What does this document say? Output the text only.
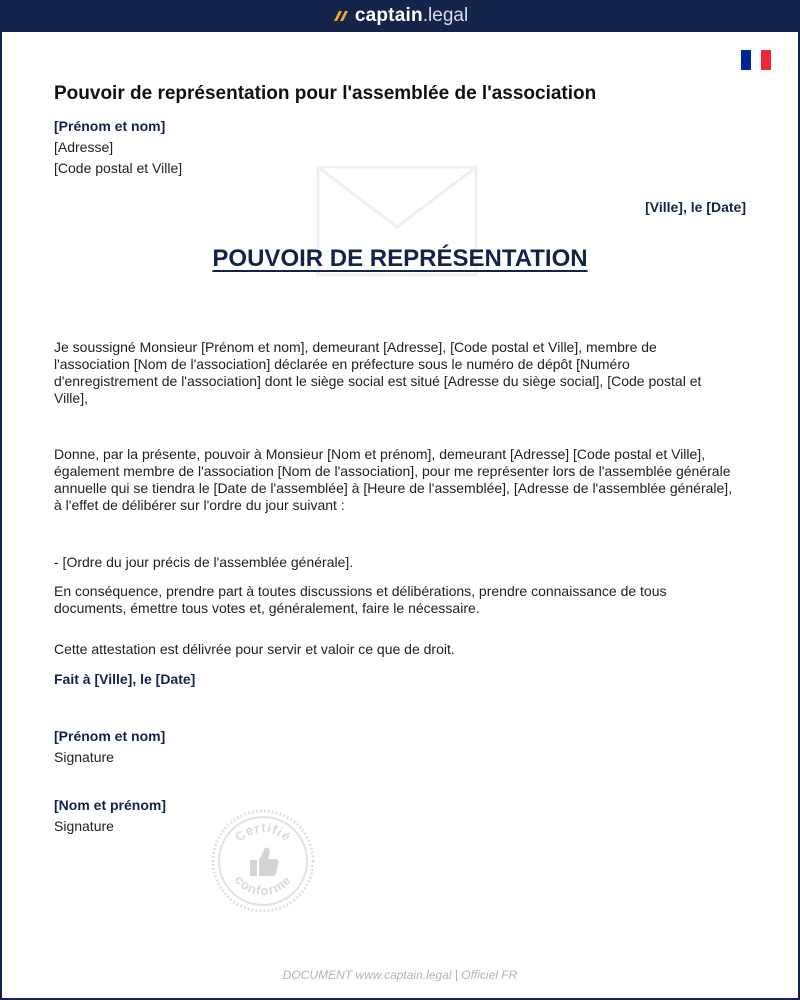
captain .legal
Pouvoir de représentation pour l'assemblée de l'association
[Prénom et nom]
[Adresse]
[Code postal et Ville]
[Ville], le [Date]
POUVOIR DE REPRÉSENTATION
Je soussigné Monsieur [Prénom et nom], demeurant [Adresse], [Code postal et Ville], membre de l'association [Nom de l'association] déclarée en préfecture sous le numéro de dépôt [Numéro d'enregistrement de l'association] dont le siège social est situé [Adresse du siège social], [Code postal et Ville],
Donne, par la présente, pouvoir à Monsieur [Nom et prénom], demeurant [Adresse] [Code postal et Ville], également membre de l'association [Nom de l'association], pour me représenter lors de l'assemblée générale annuelle qui se tiendra le [Date de l'assemblée] à [Heure de l'assemblée], [Adresse de l'assemblée générale], à l'effet de délibérer sur l'ordre du jour suivant :
- [Ordre du jour précis de l'assemblée générale].
En conséquence, prendre part à toutes discussions et délibérations, prendre connaissance de tous documents, émettre tous votes et, généralement, faire le nécessaire.
Cette attestation est délivrée pour servir et valoir ce que de droit.
Fait à [Ville], le [Date]
[Prénom et nom]
Signature
[Nom et prénom]
Signature
Certifié
conforme
DOCUMENT www.captain.legal | Officiel FR
